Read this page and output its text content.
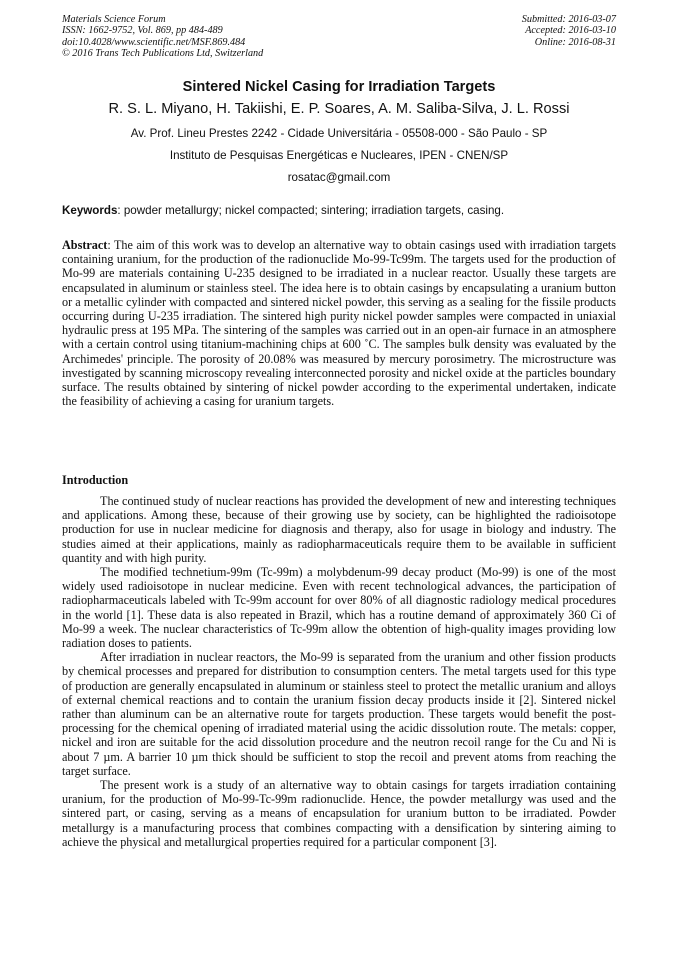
Materials Science Forum
ISSN: 1662-9752, Vol. 869, pp 484-489
doi:10.4028/www.scientific.net/MSF.869.484
© 2016 Trans Tech Publications Ltd, Switzerland
Submitted: 2016-03-07
Accepted: 2016-03-10
Online: 2016-08-31
Sintered Nickel Casing for Irradiation Targets
R. S. L. Miyano, H. Takiishi, E. P. Soares, A. M. Saliba-Silva, J. L. Rossi
Av. Prof. Lineu Prestes 2242 - Cidade Universitária - 05508-000 - São Paulo - SP
Instituto de Pesquisas Energéticas e Nucleares, IPEN - CNEN/SP
rosatac@gmail.com
Keywords: powder metallurgy; nickel compacted; sintering; irradiation targets, casing.

Abstract: The aim of this work was to develop an alternative way to obtain casings used with irradiation targets containing uranium, for the production of the radionuclide Mo-99-Tc99m. The targets used for the production of Mo-99 are materials containing U-235 designed to be irradiated in a nuclear reactor. Usually these targets are encapsulated in aluminum or stainless steel. The idea here is to obtain casings by encapsulating a uranium button or a metallic cylinder with compacted and sintered nickel powder, this serving as a sealing for the fissile products occurring during U-235 irradiation. The sintered high purity nickel powder samples were compacted in uniaxial hydraulic press at 195 MPa. The sintering of the samples was carried out in an open-air furnace in an atmosphere with a certain control using titanium-machining chips at 600 ˚C. The samples bulk density was evaluated by the Archimedes' principle. The porosity of 20.08% was measured by mercury porosimetry. The microstructure was investigated by scanning microscopy revealing interconnected porosity and nickel oxide at the particles boundary surface. The results obtained by sintering of nickel powder according to the experimental undertaken, indicate the feasibility of achieving a casing for uranium targets.

Introduction

The continued study of nuclear reactions has provided the development of new and interesting techniques and applications. Among these, because of their growing use by society, can be highlighted the radioisotope production for use in nuclear medicine for diagnosis and therapy, also for usage in biology and industry. The studies aimed at their applications, mainly as radiopharmaceuticals require them to be available in sufficient quantity and with high purity.

The modified technetium-99m (Tc-99m) a molybdenum-99 decay product (Mo-99) is one of the most widely used radioisotope in nuclear medicine. Even with recent technological advances, the participation of radiopharmaceuticals labeled with Tc-99m account for over 80% of all diagnostic radiology medical procedures in the world [1]. These data is also repeated in Brazil, which has a routine demand of approximately 360 Ci of Mo-99 a week. The nuclear characteristics of Tc-99m allow the obtention of high-quality images providing low radiation doses to patients.

After irradiation in nuclear reactors, the Mo-99 is separated from the uranium and other fission products by chemical processes and prepared for distribution to consumption centers. The metal targets used for this type of production are generally encapsulated in aluminum or stainless steel to protect the metallic uranium and alloys of external chemical reactions and to contain the uranium fission decay products inside it [2]. Sintered nickel rather than aluminum can be an alternative route for targets production. These targets would benefit the post-processing for the chemical opening of irradiated material using the acidic dissolution route. The metals: copper, nickel and iron are suitable for the acid dissolution procedure and the neutron recoil range for the Cu and Ni is about 7 µm. A barrier 10 µm thick should be sufficient to stop the recoil and prevent atoms from reaching the target surface.

The present work is a study of an alternative way to obtain casings for targets irradiation containing uranium, for the production of Mo-99-Tc-99m radionuclide. Hence, the powder metallurgy was used and the sintered part, or casing, serving as a means of encapsulation for uranium button to be irradiated. Powder metallurgy is a manufacturing process that combines compacting with a densification by sintering aiming to achieve the physical and metallurgical properties required for a particular component [3].
